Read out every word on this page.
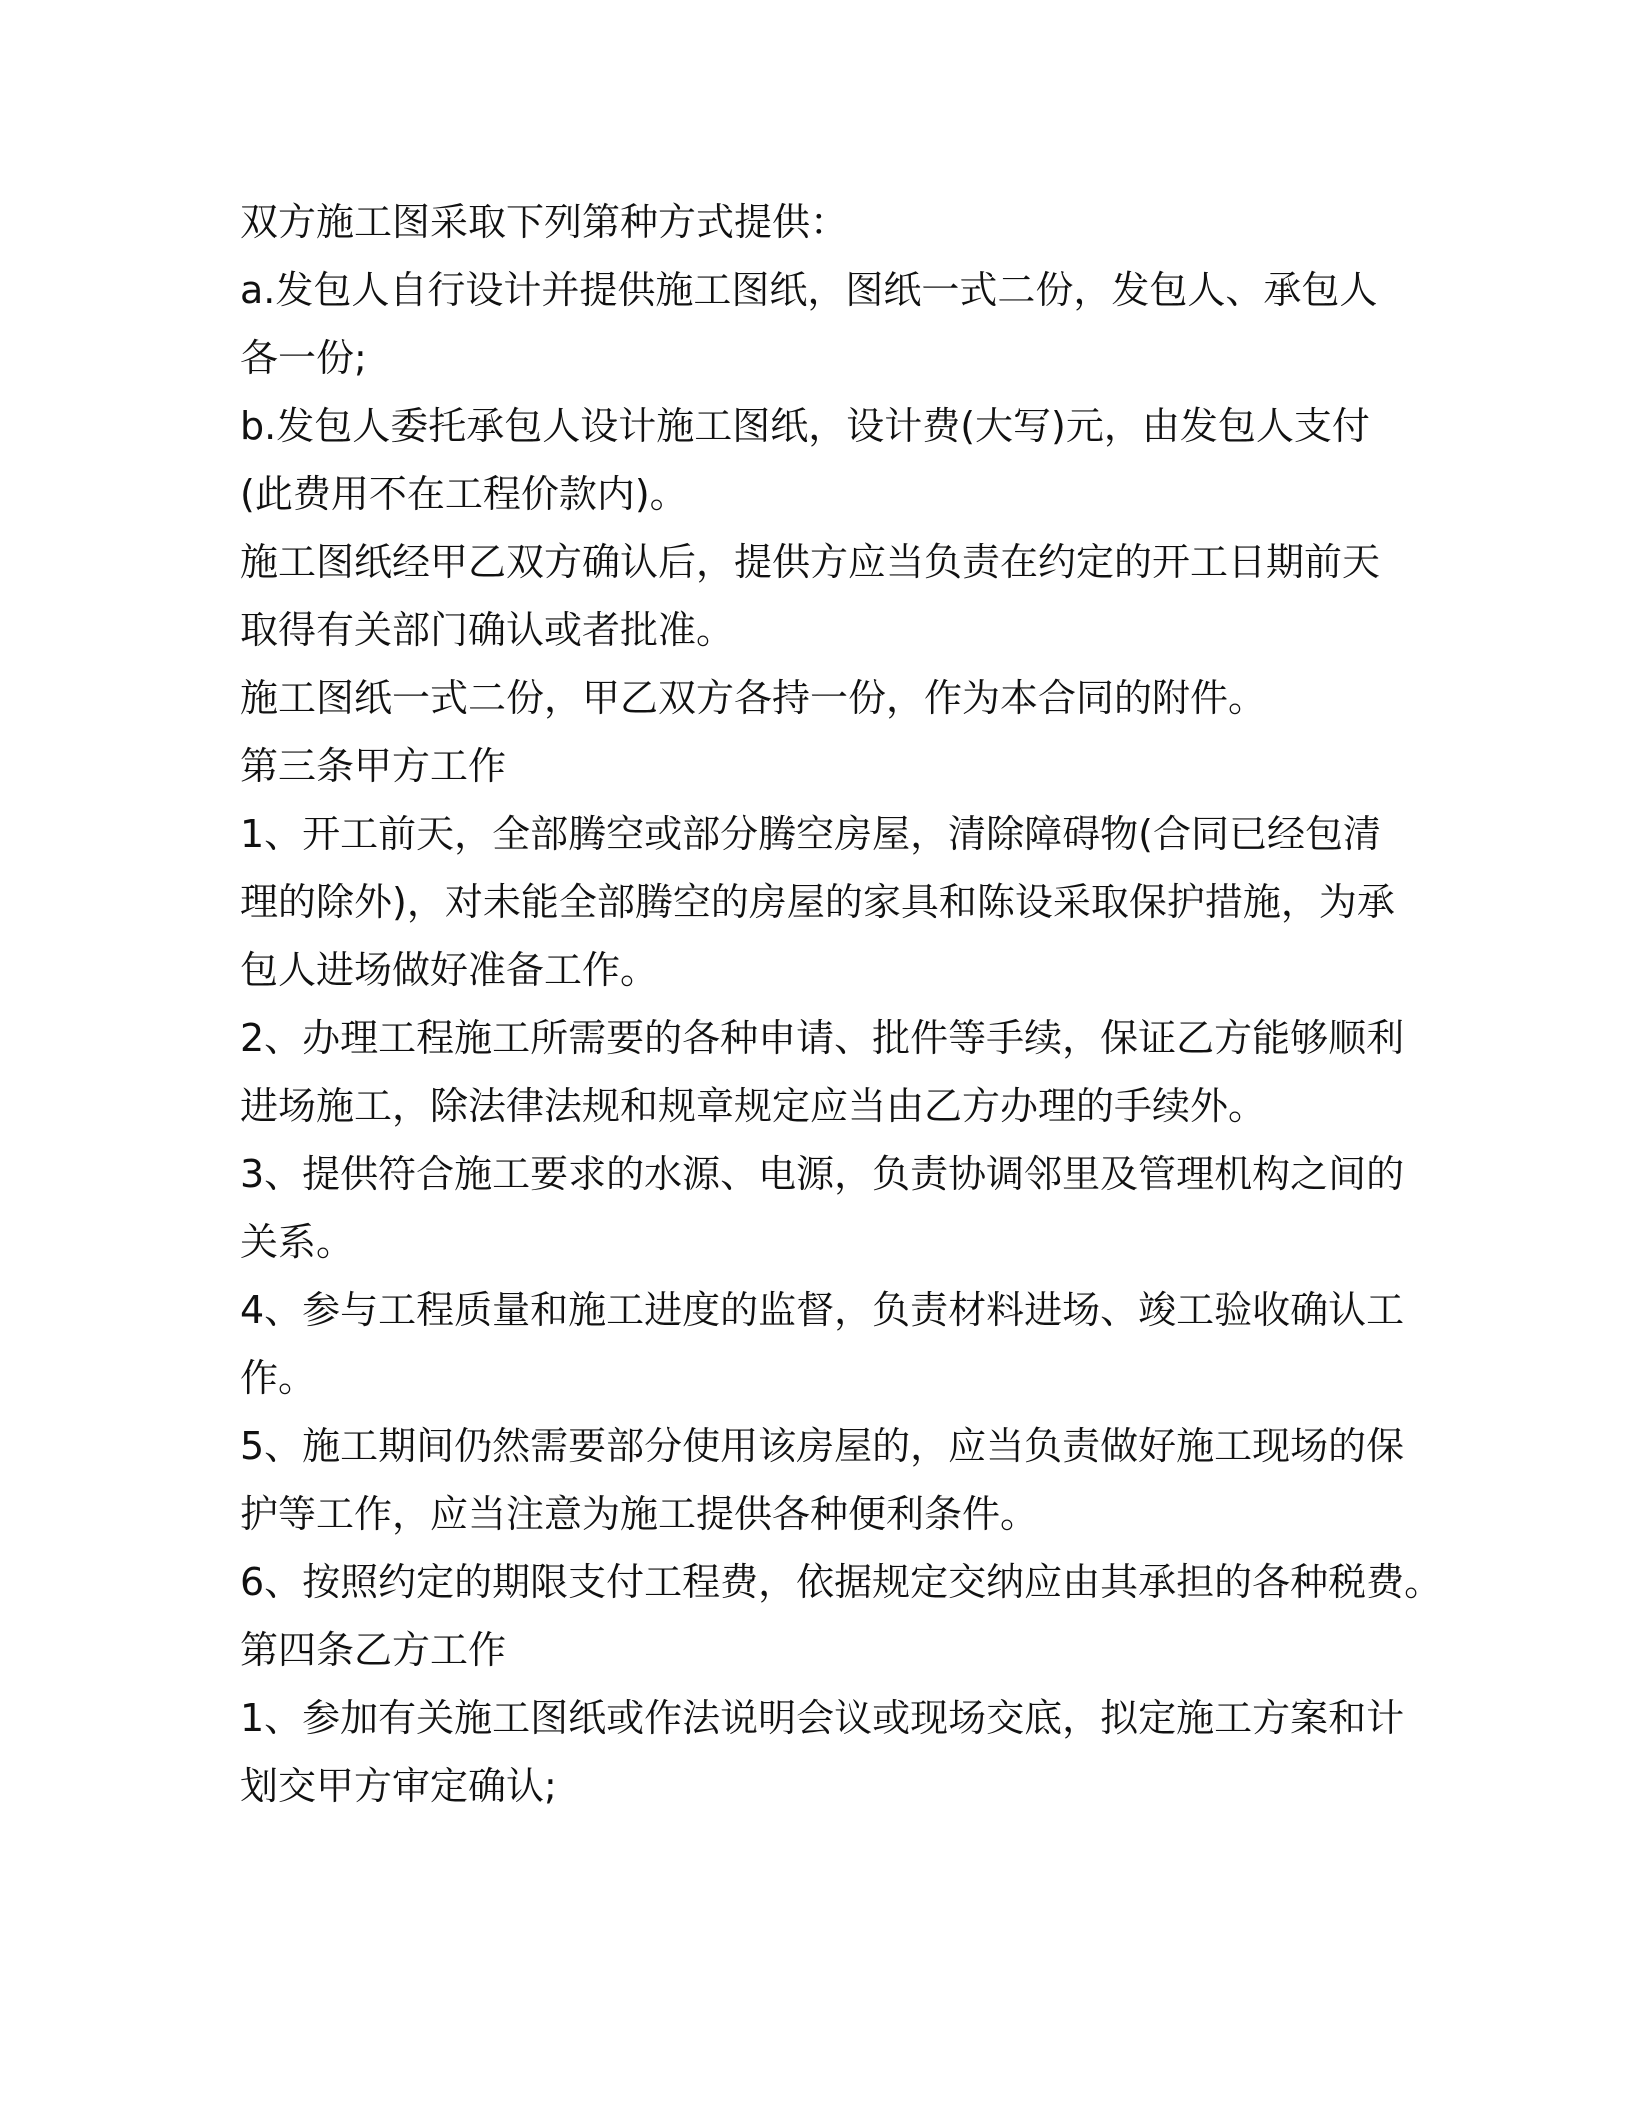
双方施工图采取下列第种方式提供：
a.发包人自行设计并提供施工图纸，图纸一式二份，发包人、承包人
各一份;
b.发包人委托承包人设计施工图纸，设计费(大写)元，由发包人支付
(此费用不在工程价款内)。
施工图纸经甲乙双方确认后，提供方应当负责在约定的开工日期前天
取得有关部门确认或者批准。
施工图纸一式二份，甲乙双方各持一份，作为本合同的附件。
第三条甲方工作
1、开工前天，全部腾空或部分腾空房屋，清除障碍物(合同已经包清
理的除外)，对未能全部腾空的房屋的家具和陈设采取保护措施，为承
包人进场做好准备工作。
2、办理工程施工所需要的各种申请、批件等手续，保证乙方能够顺利
进场施工，除法律法规和规章规定应当由乙方办理的手续外。
3、提供符合施工要求的水源、电源，负责协调邻里及管理机构之间的
关系。
4、参与工程质量和施工进度的监督，负责材料进场、竣工验收确认工
作。
5、施工期间仍然需要部分使用该房屋的，应当负责做好施工现场的保
护等工作，应当注意为施工提供各种便利条件。
6、按照约定的期限支付工程费，依据规定交纳应由其承担的各种税费。
第四条乙方工作
1、参加有关施工图纸或作法说明会议或现场交底，拟定施工方案和计
划交甲方审定确认;
